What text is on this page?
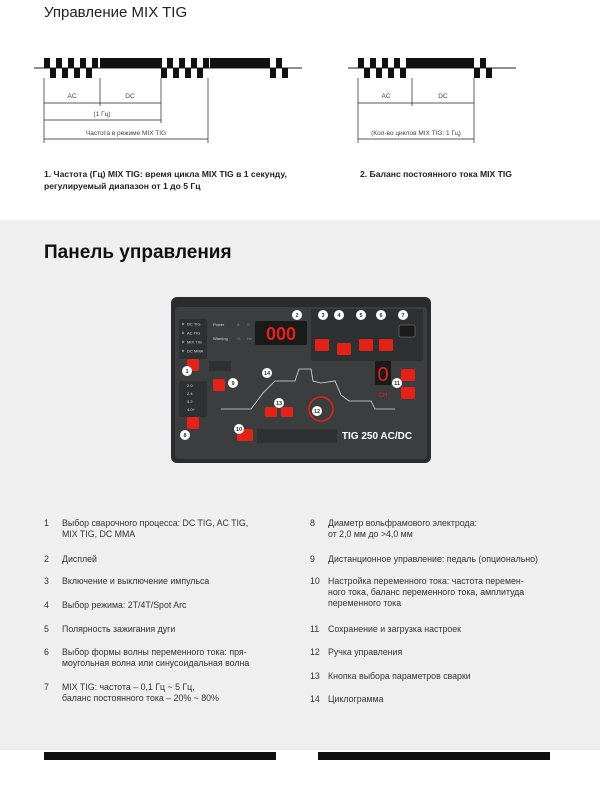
Управление MIX TIG
AC	DC
(1 Гц)
Частота в режиме MIX TIG
AC	DC
(Кол-во циклов MIX TIG: 1 Гц)
1. Частота (Гц) MIX TIG: время цикла MIX TIG в 1 секунду,
регулируемый диапазон от 1 до 5 Гц
2. Баланс постоянного тока MIX TIG
Панель управления
DC TIG
AC TIG
MIX TIG
DC MMA
Power
Warning
A S
% Hz
2.0
2.4
3.2
4.0+
000
0
CH
TIG 250 AC/DC
1
2	3 4	5	6	7
8
9
10
11
12
13
14
1 Выбор сварочного процесса: DC TIG, AC TIG,
MIX TIG, DC MMA
2 Дисплей
3 Включение и выключение импульса
4 Выбор режима: 2T/4T/Spot Arc
5 Полярность зажигания дуги
6 Выбор формы волны переменного тока: пря-
моугольная волна или синусоидальная волна
7 MIX TIG: частота – 0,1 Гц ~ 5 Гц,
баланс постоянного тока – 20% ~ 80%
8 Диаметр вольфрамового электрода:
от 2,0 мм до >4,0 мм
9 Дистанционное управление: педаль (опционально)
10 Настройка переменного тока: частота перемен-
ного тока, баланс переменного тока, амплитуда
переменного тока
11 Сохранение и загрузка настроек
12 Ручка управления
13 Кнопка выбора параметров сварки
14 Циклограмма
